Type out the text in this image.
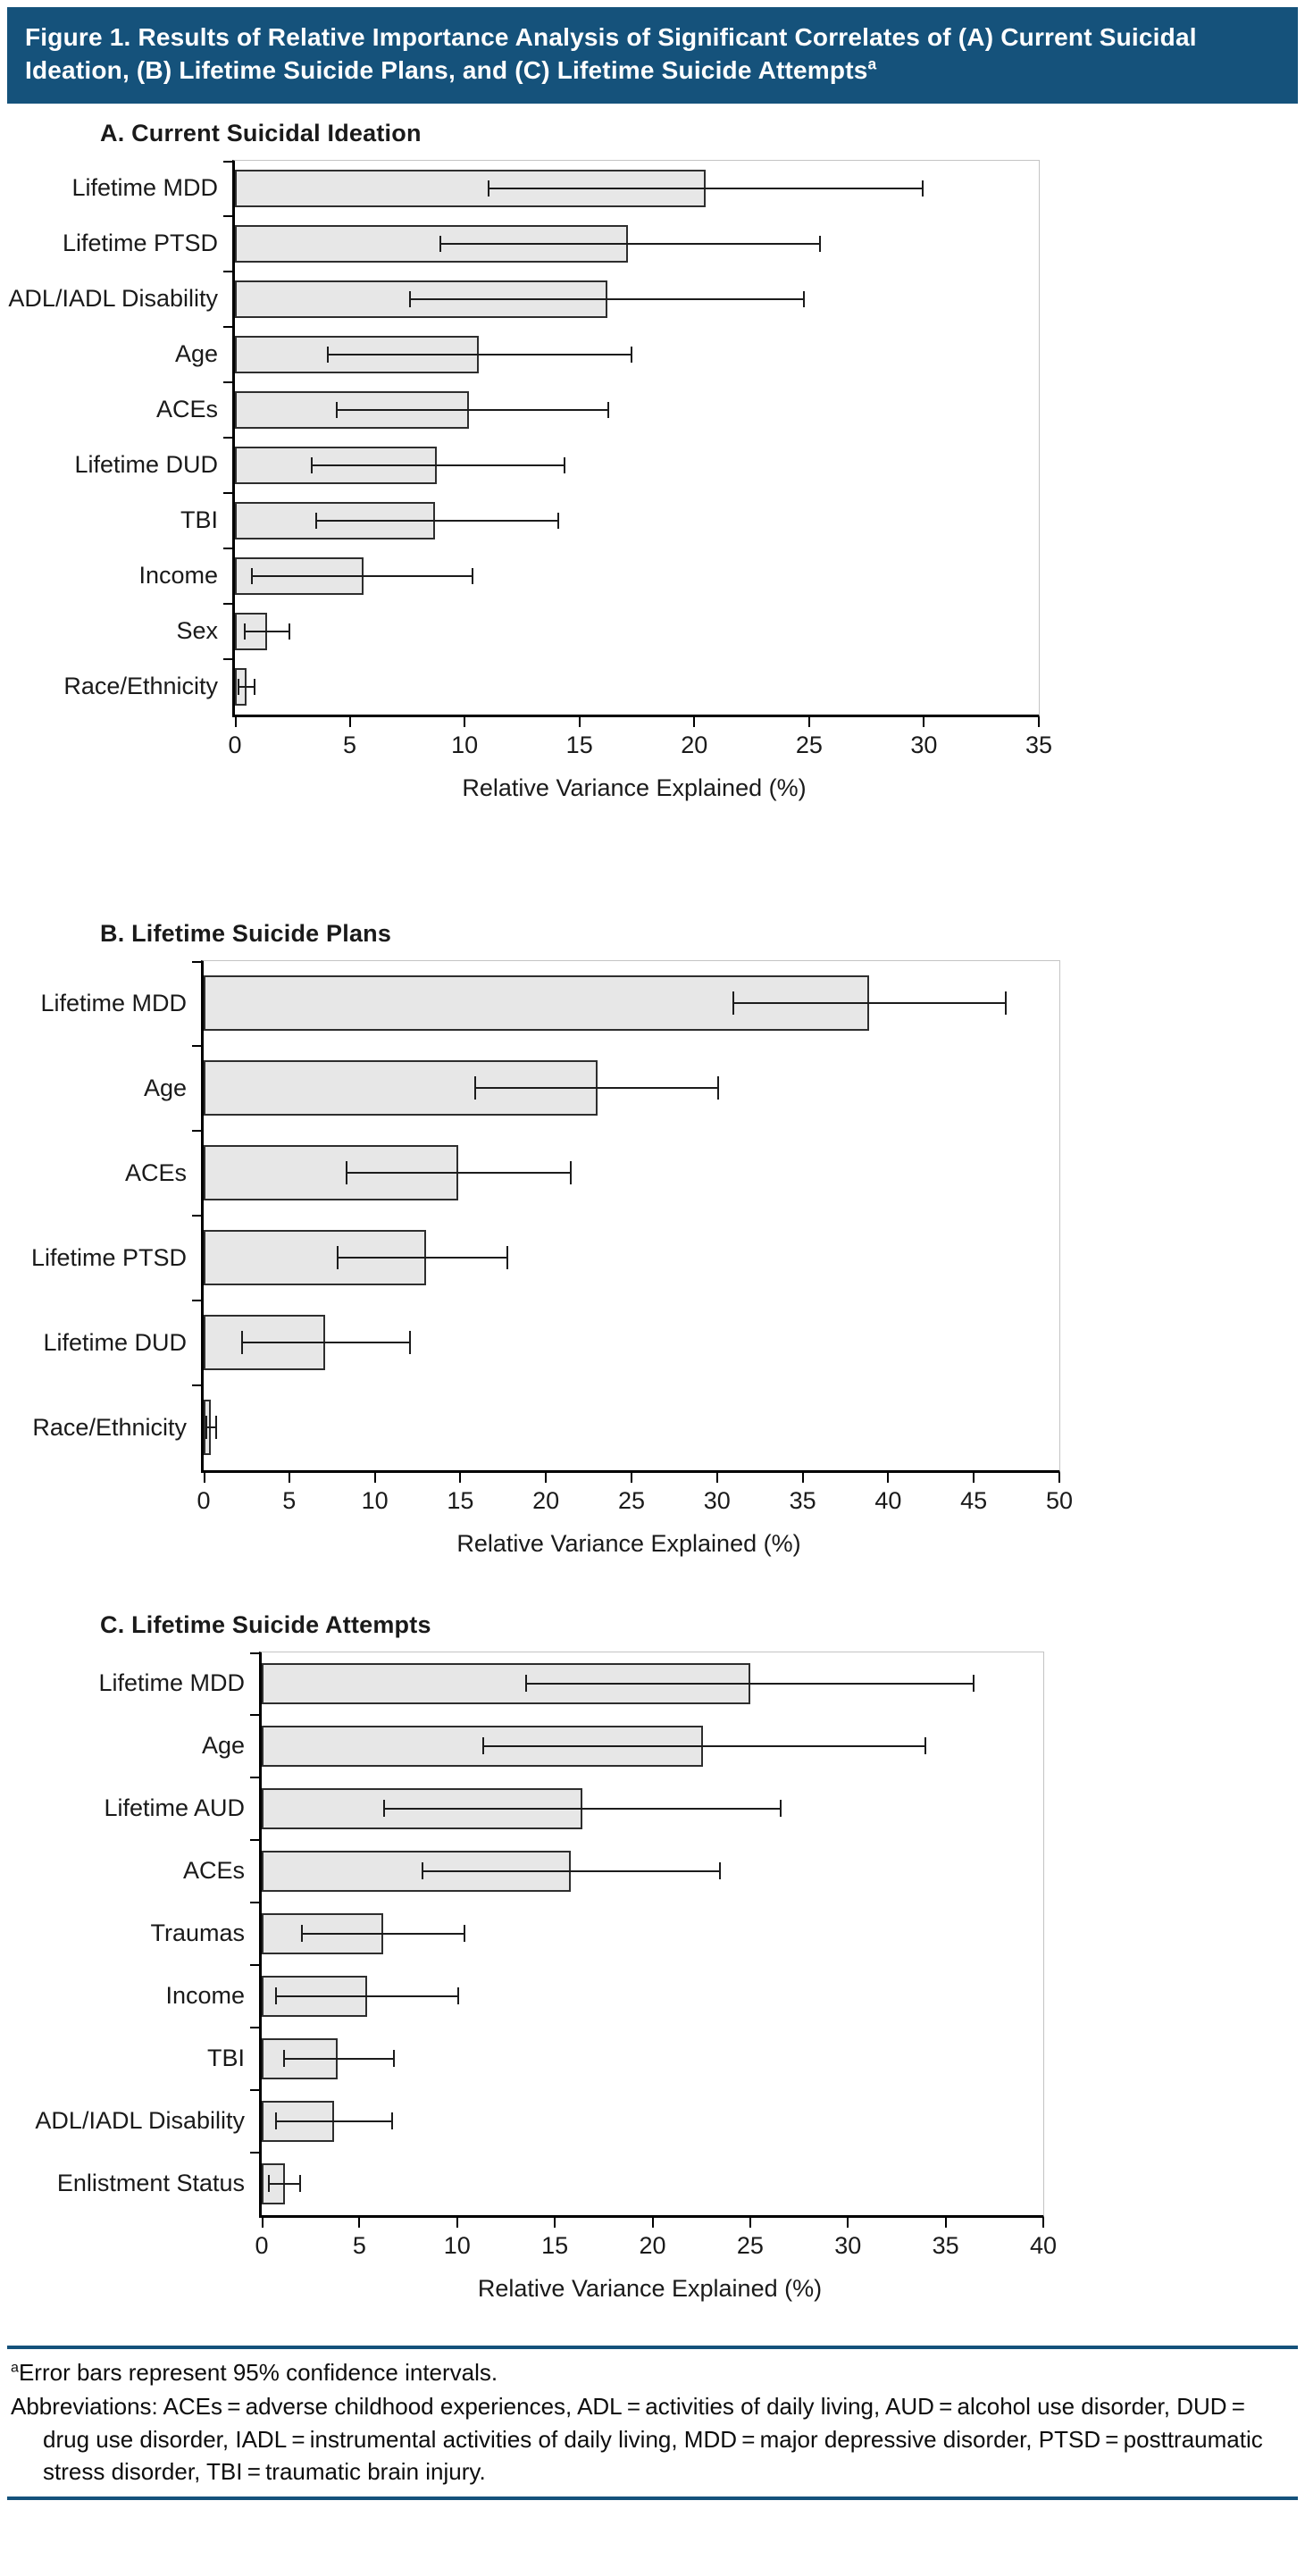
Figure 1. Results of Relative Importance Analysis of Significant Correlates of (A) Current Suicidal Ideation, (B) Lifetime Suicide Plans, and (C) Lifetime Suicide Attempts$^a$
A. Current Suicidal Ideation
Lifetime MDD
Lifetime PTSD
ADL/IADL Disability
Age
ACEs
Lifetime DUD
TBI
Income
Sex
Race/Ethnicity
0	5	10	15	20	25	30	35
Relative Variance Explained (%)
B. Lifetime Suicide Plans
Lifetime MDD
Age
ACEs
Lifetime PTSD
Lifetime DUD
Race/Ethnicity
0	5	10 15 20 25 30 35 40 45 50
Relative Variance Explained (%)
C. Lifetime Suicide Attempts
Lifetime MDD
Age
Lifetime AUD
ACEs
Traumas
Income
TBI
ADL/IADL Disability
Enlistment Status
0	5	10	15	20	25	30	35	40
Relative Variance Explained (%)
$^a$Error bars represent 95% confidence intervals.
Abbreviations: ACEs = adverse childhood experiences, ADL = activities of daily living, AUD = alcohol use disorder, DUD = drug use disorder, IADL = instrumental activities of daily living, MDD = major depressive disorder, PTSD = posttraumatic stress disorder, TBI = traumatic brain injury.
